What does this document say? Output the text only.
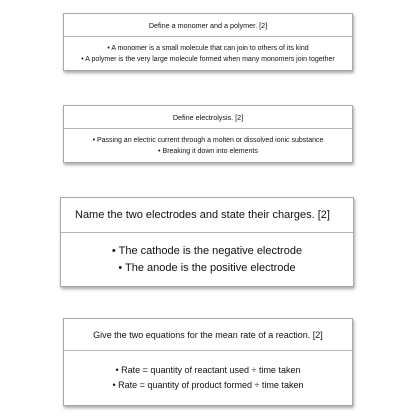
Define a monomer and a polymer. [2]
• A monomer is a small molecule that can join to others of its kind
• A polymer is the very large molecule formed when many monomers join together
Define electrolysis. [2]
• Passing an electric current through a molten or dissolved ionic substance
• Breaking it down into elements
Name the two electrodes and state their charges. [2]
• The cathode is the negative electrode
• The anode is the positive electrode
Give the two equations for the mean rate of a reaction. [2]
• Rate = quantity of reactant used ÷ time taken
• Rate = quantity of product formed ÷ time taken
